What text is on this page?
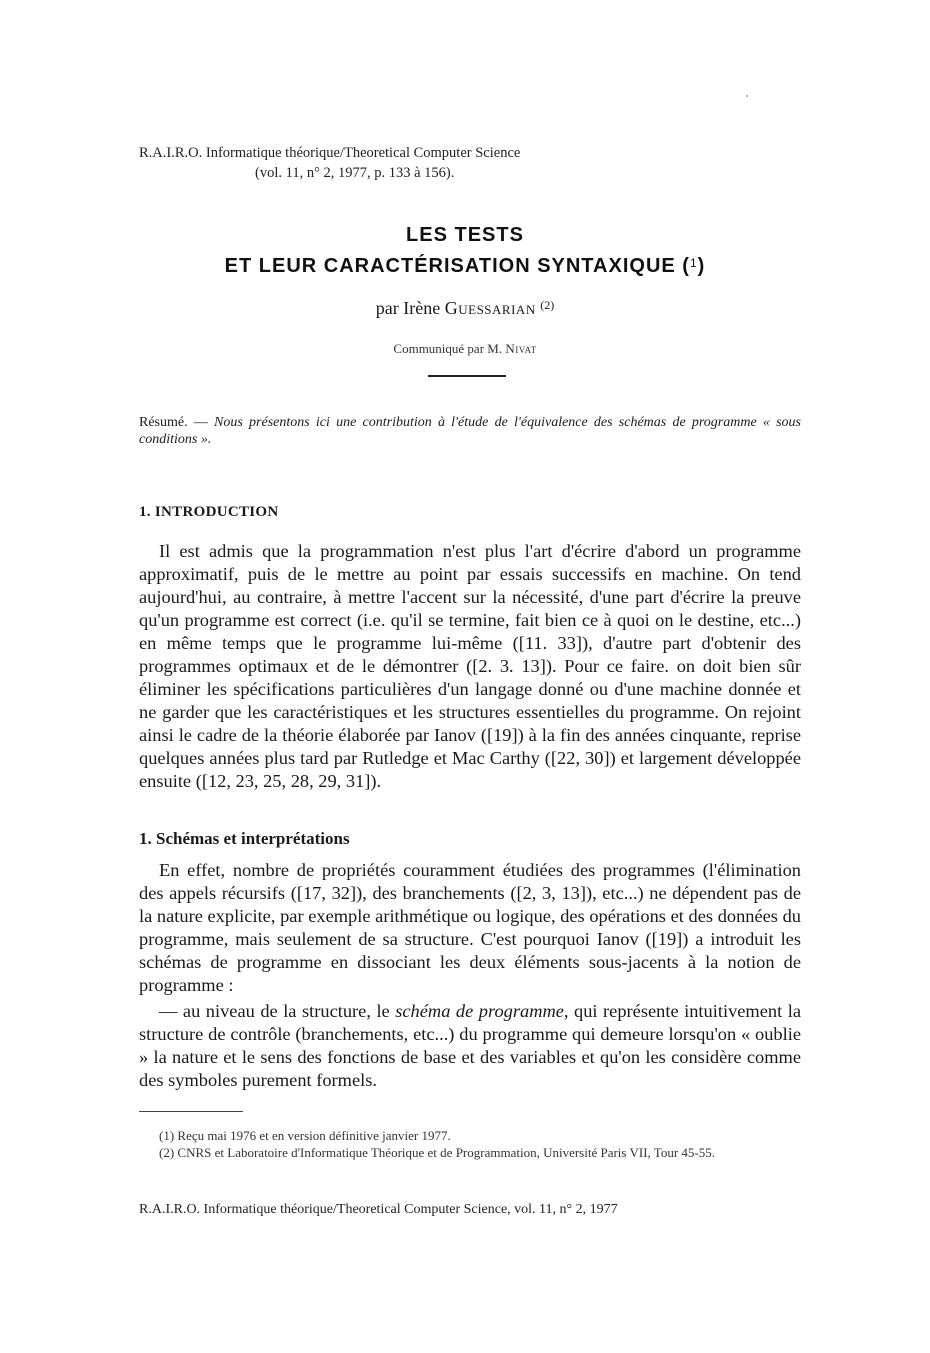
R.A.I.R.O. Informatique théorique/Theoretical Computer Science
(vol. 11, n° 2, 1977, p. 133 à 156).
LES TESTS
ET LEUR CARACTÉRISATION SYNTAXIQUE ($^1$)
par Irène Guessarian $^{(2)}$
Communiqué par M. Nivat
Résumé. — Nous présentons ici une contribution à l'étude de l'équivalence des schémas de programme « sous conditions ».
1. INTRODUCTION
Il est admis que la programmation n'est plus l'art d'écrire d'abord un programme approximatif, puis de le mettre au point par essais successifs en machine. On tend aujourd'hui, au contraire, à mettre l'accent sur la nécessité, d'une part d'écrire la preuve qu'un programme est correct (i.e. qu'il se termine, fait bien ce à quoi on le destine, etc...) en même temps que le programme lui-même ([11. 33]), d'autre part d'obtenir des programmes optimaux et de le démontrer ([2. 3. 13]). Pour ce faire. on doit bien sûr éliminer les spécifications particulières d'un langage donné ou d'une machine donnée et ne garder que les caractéristiques et les structures essentielles du programme. On rejoint ainsi le cadre de la théorie élaborée par Ianov ([19]) à la fin des années cinquante, reprise quelques années plus tard par Rutledge et Mac Carthy ([22, 30]) et largement développée ensuite ([12, 23, 25, 28, 29, 31]).
1. Schémas et interprétations
En effet, nombre de propriétés couramment étudiées des programmes (l'élimination des appels récursifs ([17, 32]), des branchements ([2, 3, 13]), etc...) ne dépendent pas de la nature explicite, par exemple arithmétique ou logique, des opérations et des données du programme, mais seulement de sa structure. C'est pourquoi Ianov ([19]) a introduit les schémas de programme en dissociant les deux éléments sous-jacents à la notion de programme :
— au niveau de la structure, le schéma de programme, qui représente intuitivement la structure de contrôle (branchements, etc...) du programme qui demeure lorsqu'on « oublie » la nature et le sens des fonctions de base et des variables et qu'on les considère comme des symboles purement formels.
(1) Reçu mai 1976 et en version définitive janvier 1977.
(2) CNRS et Laboratoire d'Informatique Théorique et de Programmation, Université Paris VII, Tour 45-55.
R.A.I.R.O. Informatique théorique/Theoretical Computer Science, vol. 11, n° 2, 1977
